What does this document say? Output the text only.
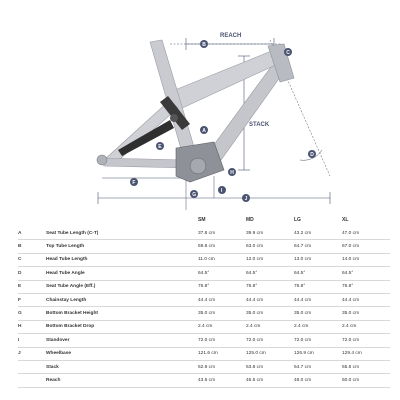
REACH
STACK
A
B
C
D
E
F
G
H
I
J
		SM	MD	LG	XL
A	Seat Tube Length (C-T)	37.8 cm	39.9 cm	43.2 cm	47.0 cm
B	Top Tube Length	59.8 cm	63.0 cm	64.7 cm	67.0 cm
C	Head Tube Length	11.0 cm	12.0 cm	13.0 cm	14.0 cm
D	Head Tube Angle	64.5°	64.5°	64.5°	64.5°
E	Seat Tube Angle (Eff.)	76.8°	76.8°	76.8°	76.8°
F	Chainstay Length	44.4 cm	44.4 cm	44.4 cm	44.4 cm
G	Bottom Bracket Height	35.0 cm	35.0 cm	35.0 cm	35.0 cm
H	Bottom Bracket Drop	2.4 cm	2.4 cm	2.4 cm	2.4 cm
I	Standover	72.0 cm	72.0 cm	72.0 cm	72.0 cm
J	Wheelbase	121.6 cm	125.0 cm	126.9 cm	129.4 cm
	Stack	62.9 cm	63.8 cm	64.7 cm	65.6 cm
	Reach	43.5 cm	46.5 cm	48.0 cm	50.0 cm
